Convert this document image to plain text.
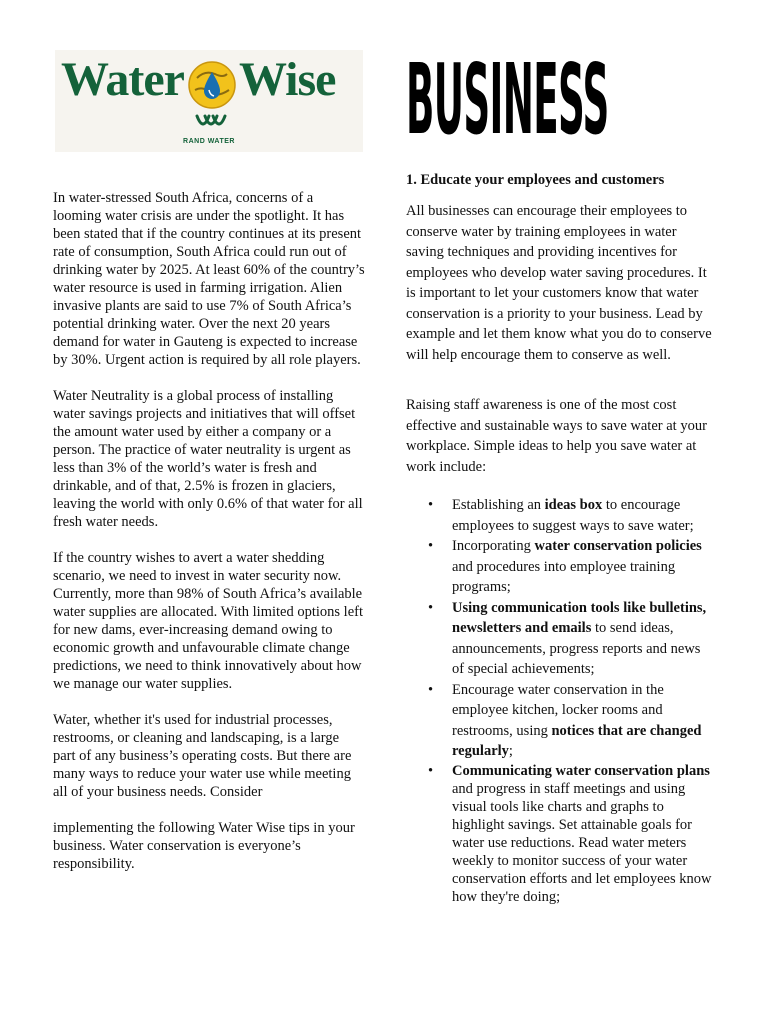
Water Wise
RAND WATER	BUSINESS

In water-stressed South Africa, concerns of a looming water crisis are under the spotlight. It has been stated that if the country continues at its present rate of consumption, South Africa could run out of drinking water by 2025. At least 60% of the country’s water resource is used in farming irrigation. Alien invasive plants are said to use 7% of South Africa’s potential drinking water. Over the next 20 years demand for water in Gauteng is expected to increase by 30%. Urgent action is required by all role players.

Water Neutrality is a global process of installing water savings projects and initiatives that will offset the amount water used by either a company or a person. The practice of water neutrality is urgent as less than 3% of the world’s water is fresh and drinkable, and of that, 2.5% is frozen in glaciers, leaving the world with only 0.6% of that water for all fresh water needs.

If the country wishes to avert a water shedding scenario, we need to invest in water security now. Currently, more than 98% of South Africa’s available water supplies are allocated. With limited options left for new dams, ever-increasing demand owing to economic growth and unfavourable climate change predictions, we need to think innovatively about how we manage our water supplies.

Water, whether it's used for industrial processes, restrooms, or cleaning and landscaping, is a large part of any business’s operating costs. But there are many ways to reduce your water use while meeting all of your business needs. Consider

implementing the following Water Wise tips in your business. Water conservation is everyone’s responsibility.

1. Educate your employees and customers

All businesses can encourage their employees to conserve water by training employees in water saving techniques and providing incentives for employees who develop water saving procedures. It is important to let your customers know that water conservation is a priority to your business. Lead by example and let them know what you do to conserve will help encourage them to conserve as well.

Raising staff awareness is one of the most cost effective and sustainable ways to save water at your workplace. Simple ideas to help you save water at work include:

• Establishing an ideas box to encourage employees to suggest ways to save water;
• Incorporating water conservation policies and procedures into employee training programs;
• Using communication tools like bulletins, newsletters and emails to send ideas, announcements, progress reports and news of special achievements;
• Encourage water conservation in the employee kitchen, locker rooms and restrooms, using notices that are changed regularly;
• Communicating water conservation plans and progress in staff meetings and using visual tools like charts and graphs to highlight savings. Set attainable goals for water use reductions. Read water meters weekly to monitor success of your water conservation efforts and let employees know how they're doing;
